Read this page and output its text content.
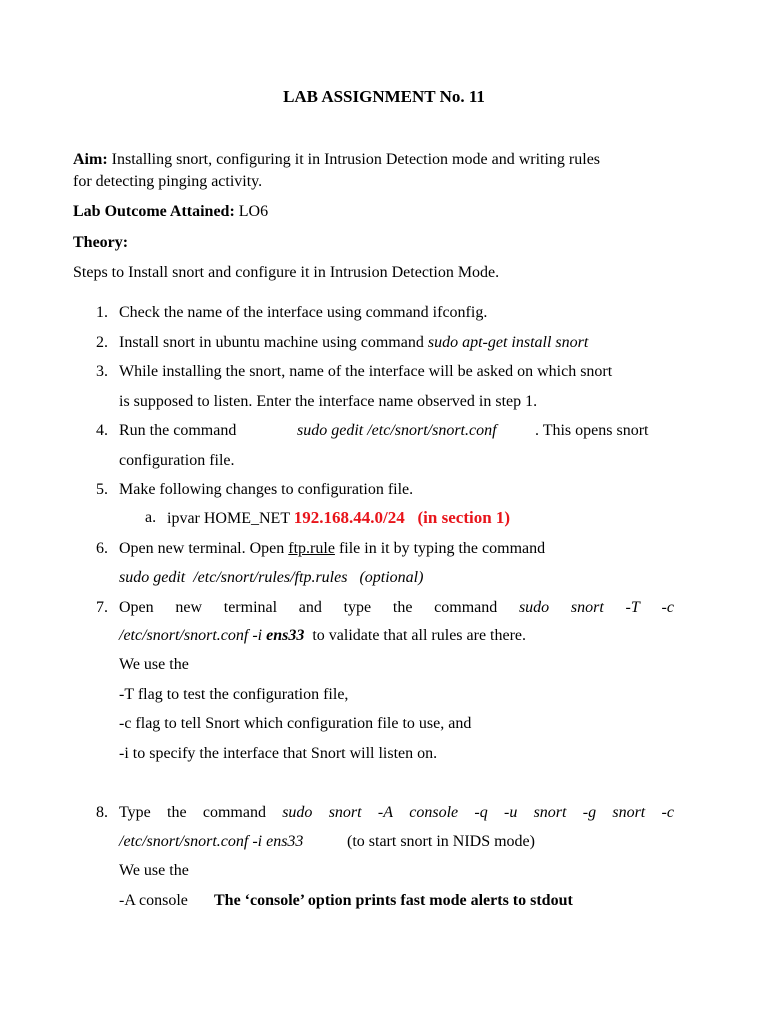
LAB ASSIGNMENT No. 11
Aim: Installing snort, configuring it in Intrusion Detection mode and writing rules
for detecting pinging activity.
Lab Outcome Attained: LO6
Theory:
Steps to Install snort and configure it in Intrusion Detection Mode.
1. Check the name of the interface using command ifconfig.
2. Install snort in ubuntu machine using command sudo apt-get install snort
3. While installing the snort, name of the interface will be asked on which snort
is supposed to listen. Enter the interface name observed in step 1.
4. Run the command	sudo gedit /etc/snort/snort.conf . This opens snort
configuration file.
5. Make following changes to configuration file.
a. ipvar HOME_NET 192.168.44.0/24   (in section 1)
6. Open new terminal. Open ftp.rule file in it by typing the command
sudo gedit  /etc/snort/rules/ftp.rules   (optional)
7. Open new terminal and type the command sudo snort -T -c
/etc/snort/snort.conf -i ens33  to validate that all rules are there.
We use the
-T flag to test the configuration file,
-c flag to tell Snort which configuration file to use, and
-i to specify the interface that Snort will listen on.
8. Type the command sudo snort -A console -q -u snort -g snort -c
/etc/snort/snort.conf -i ens33	(to start snort in NIDS mode)
We use the
-A console The ‘console’ option prints fast mode alerts to stdout
